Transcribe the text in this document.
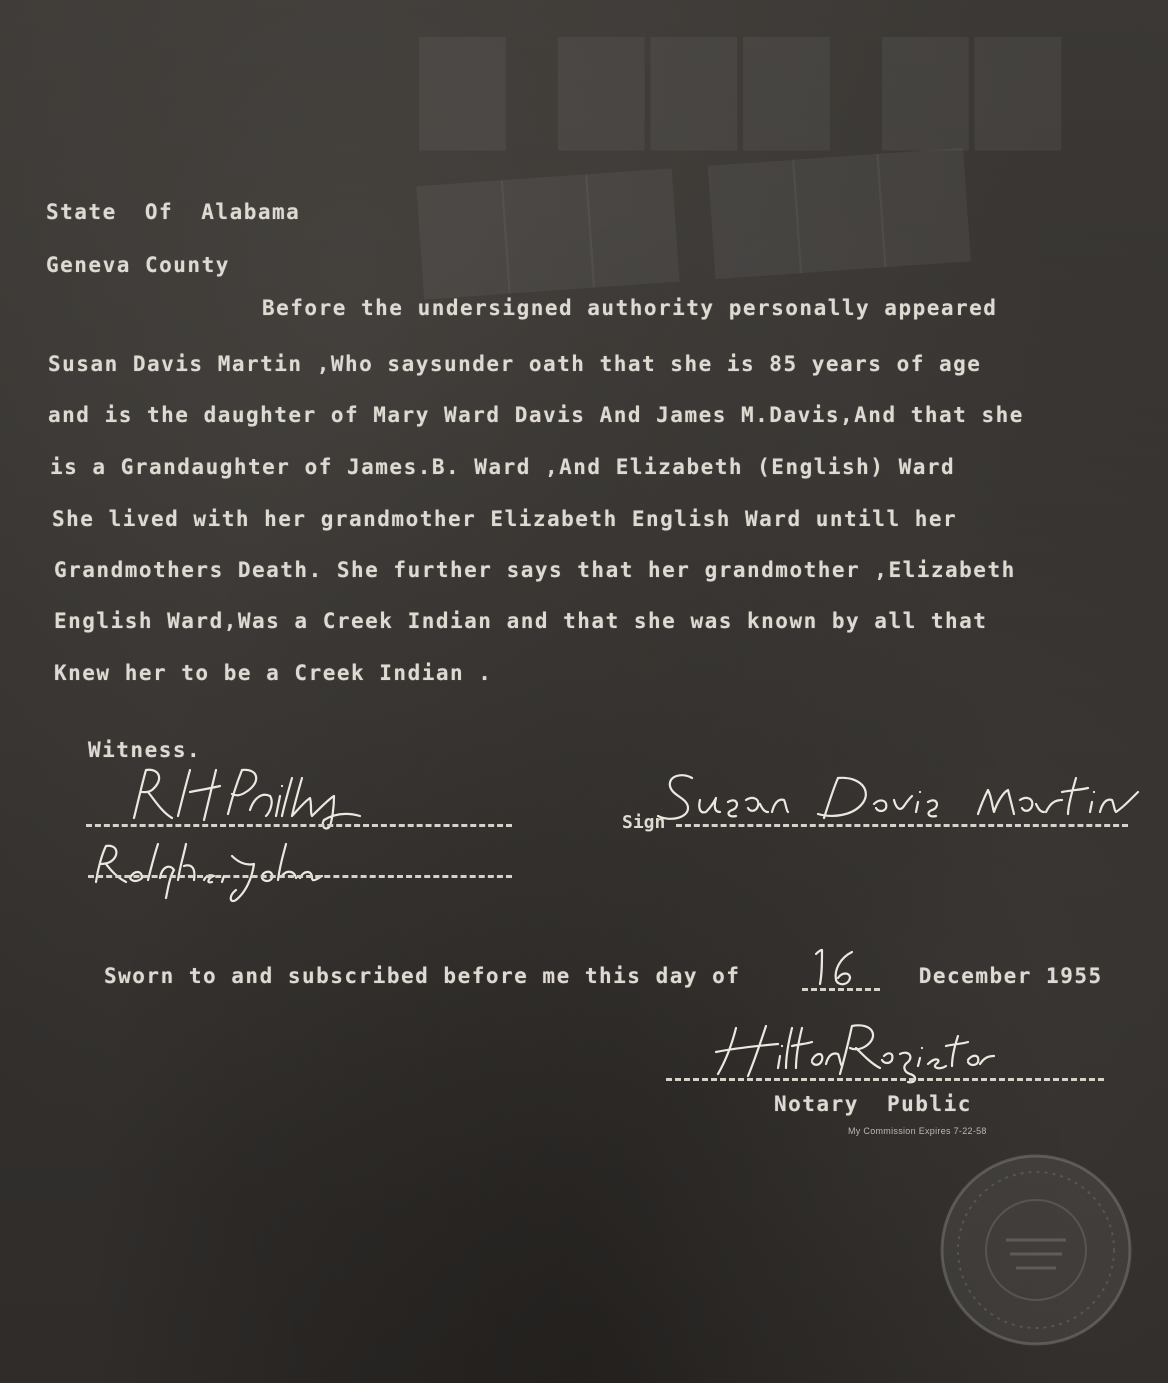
▇ ▇▇▇ ▇▇
▇▇▇ ▇▇▇
State Of Alabama
Geneva County
Before the undersigned authority personally appeared
Susan Davis Martin ,Who saysunder oath that she is 85 years of age
and is the daughter of Mary Ward Davis And James M.Davis,And that she
is a Grandaughter of James.B. Ward ,And Elizabeth (English) Ward
She lived with her grandmother Elizabeth English Ward untill her
Grandmothers Death. She further says that her grandmother ,Elizabeth
English Ward,Was a Creek Indian and that she was known by all that
Knew her to be a Creek Indian .
Witness.
Sign
Sworn to and subscribed before me this day of	December 1955
Notary Public
My Commission Expires 7-22-58
